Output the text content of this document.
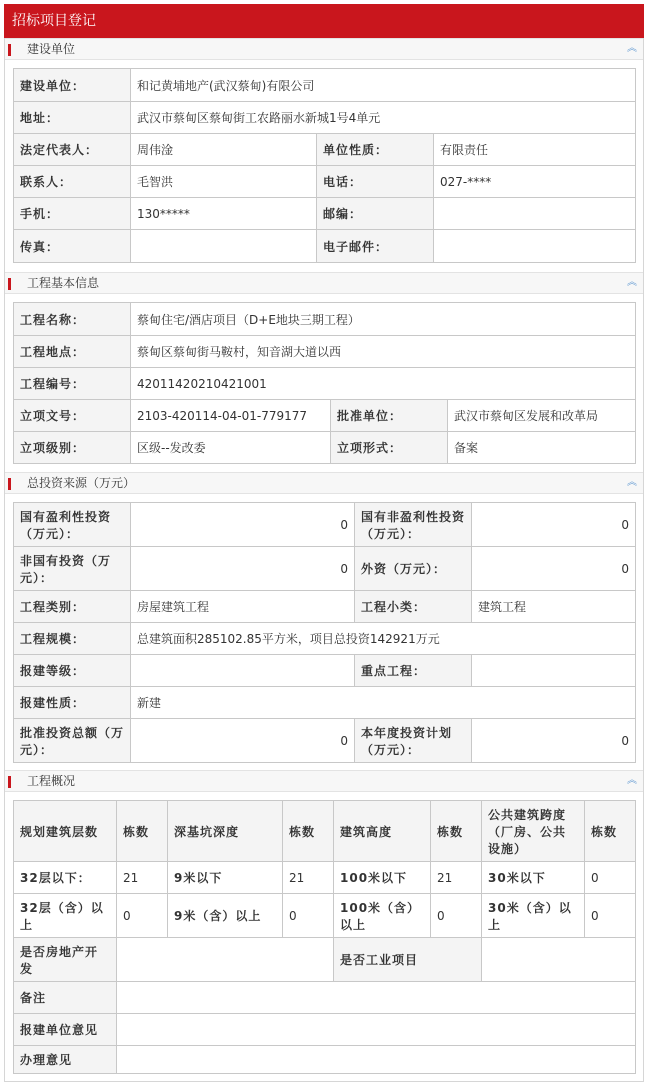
招标项目登记
建设单位	︽
建设单位：	和记黄埔地产(武汉蔡甸)有限公司		
地址：	武汉市蔡甸区蔡甸街工农路丽水新城1号4单元		
法定代表人：	周伟淦	单位性质：	有限责任
联系人：	毛智洪	电话：	027-****
手机：	130*****	邮编：	
传真：		电子邮件：	
工程基本信息	︽
工程名称：	蔡甸住宅/酒店项目（D+E地块三期工程）		
工程地点：	蔡甸区蔡甸街马鞍村，知音湖大道以西		
工程编号：	42011420210421001		
立项文号：	2103-420114-04-01-779177	批准单位：	武汉市蔡甸区发展和改革局
立项级别：	区级--发改委	立项形式：	备案
总投资来源（万元）	︽
国有盈利性投资（万元）：	0	国有非盈利性投资（万元）：	0
非国有投资（万元）：	0	外资（万元）：	0
工程类别：	房屋建筑工程	工程小类：	建筑工程
工程规模：	总建筑面积285102.85平方米，项目总投资142921万元		
报建等级：		重点工程：	
报建性质：	新建		
批准投资总额（万元）：	0	本年度投资计划（万元）：	0
工程概况	︽
规划建筑层数	栋数	深基坑深度	栋数	建筑高度	栋数	公共建筑跨度（厂房、公共设施）	栋数
32层以下：	21	9米以下	21	100米以下	21	30米以下	0
32层（含）以上	0	9米（含）以上	0	100米（含）以上	0	30米（含）以上	0
是否房地产开发				是否工业项目			
备注							
报建单位意见							
办理意见							
